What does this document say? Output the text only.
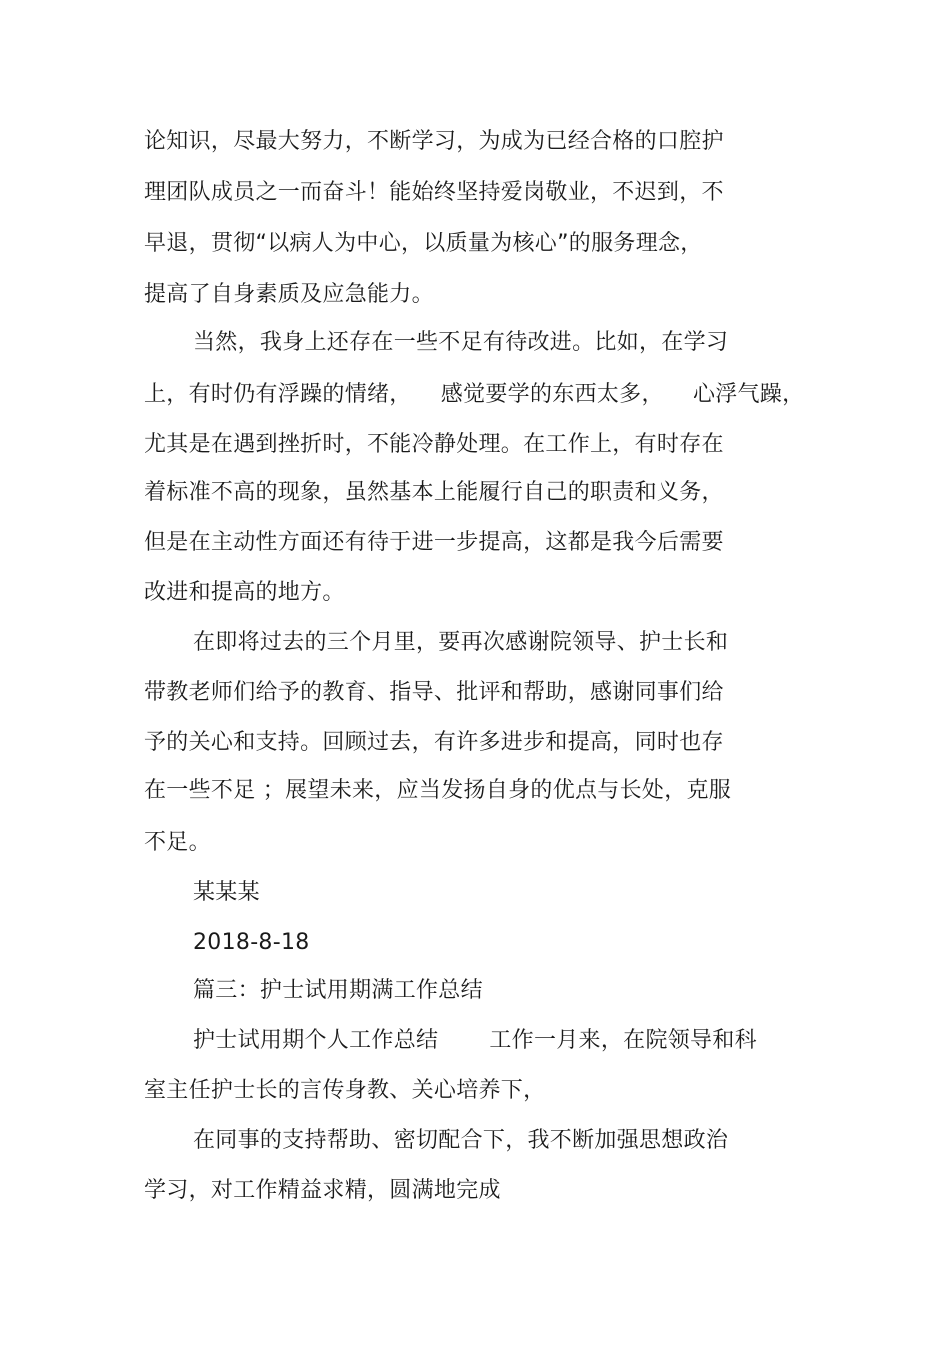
论知识，尽最大努力，不断学习，为成为已经合格的口腔护
理团队成员之一而奋斗！能始终坚持爱岗敬业，不迟到，不
早退，贯彻“以病人为中心，以质量为核心”的服务理念，
提高了自身素质及应急能力。
当然，我身上还存在一些不足有待改进。比如，在学习
上，有时仍有浮躁的情绪，    感觉要学的东西太多，    心浮气躁，
尤其是在遇到挫折时，不能冷静处理。在工作上，有时存在
着标准不高的现象，虽然基本上能履行自己的职责和义务，
但是在主动性方面还有待于进一步提高，这都是我今后需要
改进和提高的地方。
在即将过去的三个月里，要再次感谢院领导、护士长和
带教老师们给予的教育、指导、批评和帮助，感谢同事们给
予的关心和支持。回顾过去，有许多进步和提高，同时也存
在一些不足 ；展望未来，应当发扬自身的优点与长处，克服
不足。
某某某
2018-8-18
篇三：护士试用期满工作总结
护士试用期个人工作总结       工作一月来，在院领导和科
室主任护士长的言传身教、关心培养下，
在同事的支持帮助、密切配合下，我不断加强思想政治
学习，对工作精益求精，圆满地完成
